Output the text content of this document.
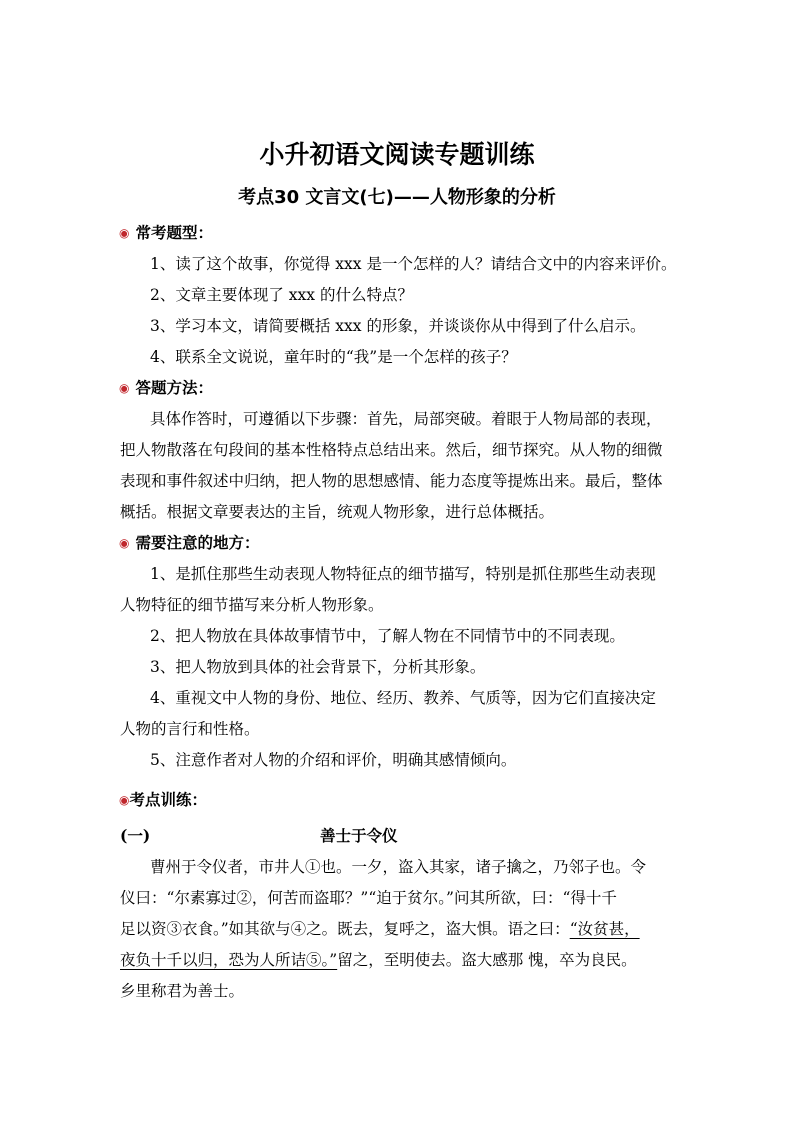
小升初语文阅读专题训练
考点30 文言文(七)——人物形象的分析
◉ 常考题型：
1、读了这个故事，你觉得 xxx 是一个怎样的人？请结合文中的内容来评价。
2、文章主要体现了 xxx 的什么特点？
3、学习本文，请简要概括 xxx 的形象，并谈谈你从中得到了什么启示。
4、联系全文说说，童年时的“我”是一个怎样的孩子？
◉ 答题方法：
具体作答时，可遵循以下步骤：首先，局部突破。着眼于人物局部的表现，
把人物散落在句段间的基本性格特点总结出来。然后，细节探究。从人物的细微
表现和事件叙述中归纳，把人物的思想感情、能力态度等提炼出来。最后，整体
概括。根据文章要表达的主旨，统观人物形象，进行总体概括。
◉ 需要注意的地方：
1、是抓住那些生动表现人物特征点的细节描写，特别是抓住那些生动表现
人物特征的细节描写来分析人物形象。
2、把人物放在具体故事情节中，了解人物在不同情节中的不同表现。
3、把人物放到具体的社会背景下，分析其形象。
4、重视文中人物的身份、地位、经历、教养、气质等，因为它们直接决定
人物的言行和性格。
5、注意作者对人物的介绍和评价，明确其感情倾向。
◉考点训练：
(一)	善士于令仪
曹州于令仪者，市井人①也。一夕，盗入其家，诸子擒之，乃邻子也。令
仪曰：“尔素寡过②，何苦而盗耶？”“迫于贫尔。”问其所欲，曰：“得十千
足以资③衣食。”如其欲与④之。既去，复呼之，盗大惧。语之曰：“汝贫甚，
夜负十千以归，恐为人所诘⑤。”留之，至明使去。盗大感那 愧，卒为良民。
乡里称君为善士。
